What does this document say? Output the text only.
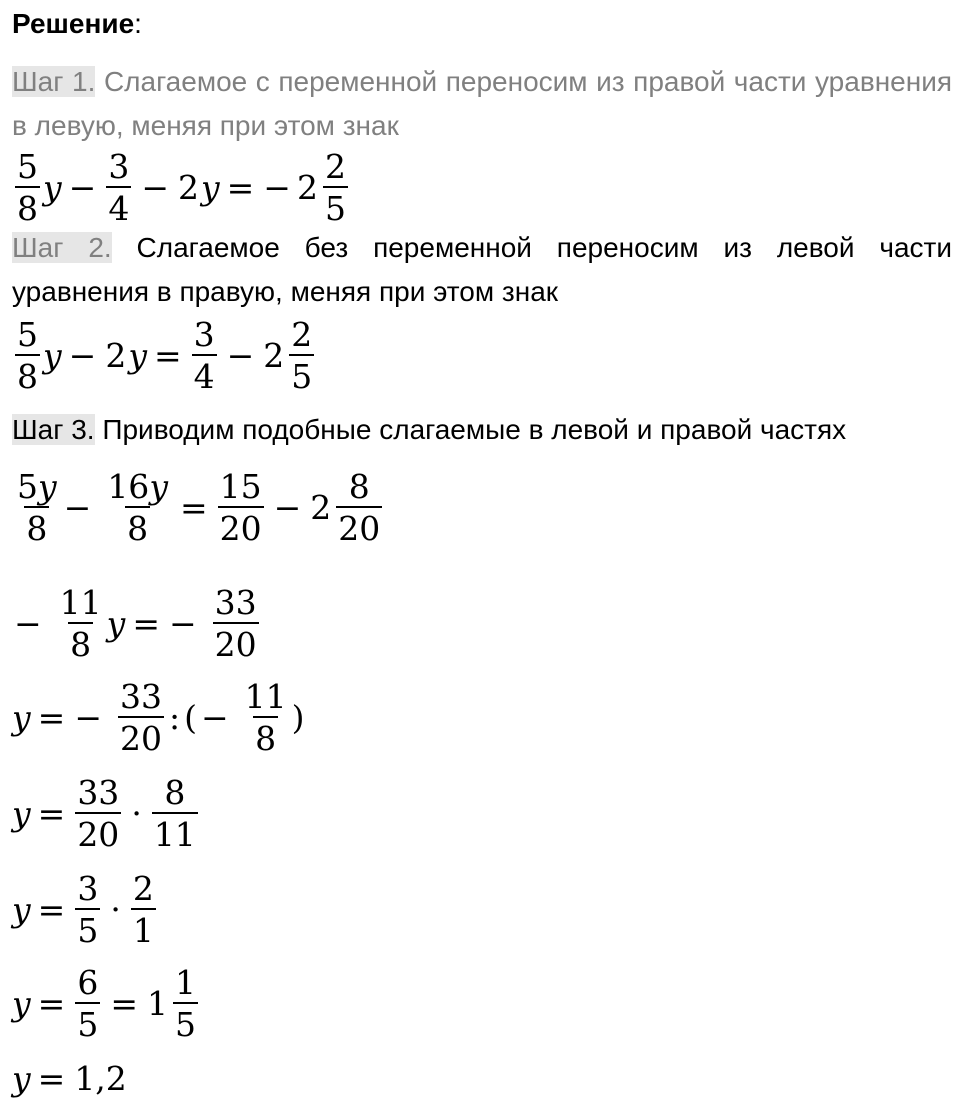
Решение:
Шаг 1. Слагаемое с переменной переносим из правой части уравнения в левую, меняя при этом знак
$\frac{5}{8}$ $y - \frac{3}{4} - 2$ y = − $2 \frac{2}{5}$
Шаг 2. Слагаемое без переменной переносим из левой части уравнения в правую, меняя при этом знак
$\frac{5}{8}$ y − 2 $y = \frac{3}{4} - 2 \frac{2}{5}$
Шаг 3. Приводим подобные слагаемые в левой и правой частях
$\frac{5y}{8} - \frac{16y}{8} = \frac{15}{20} - 2 \frac{8}{20}$
− $\frac{11}{8}$ y = − $\frac{33}{20}$
y = − $\frac{33}{20}$ : ( − $\frac{11}{8}$ )
$y = \frac{33}{20} \cdot \frac{8}{11}$
$y = \frac{3}{5} \cdot \frac{2}{1}$
$y = \frac{6}{5} = 1 \frac{1}{5}$
y = 1,2
